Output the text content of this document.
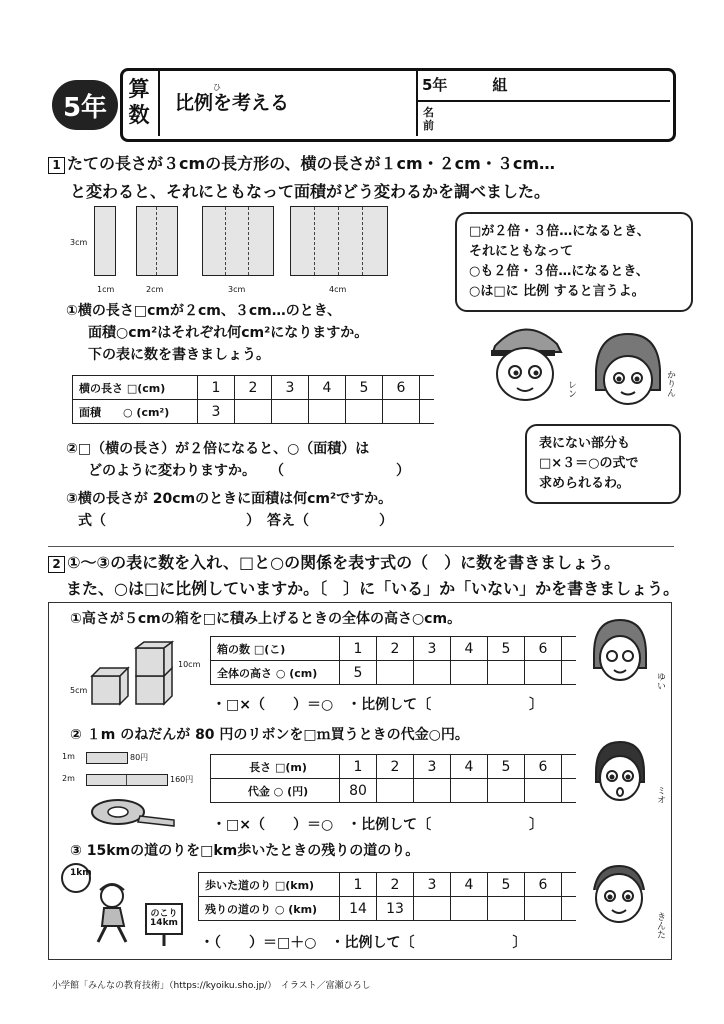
5年
算
数
ひ
比例を考える
5年　　　組
名前
1 たての長さが３cmの長方形の、横の長さが１cm・２cm・３cm…
と変わると、それにともなって面積がどう変わるかを調べました。
3cm
1cm	2cm	3cm	4cm
①横の長さ□cmが２cm、３cm…のとき、
面積○cm²はそれぞれ何cm²になりますか。
下の表に数を書きましょう。
横の長さ □(cm)	1	2	3	4	5	6	
面積　　○ (cm²)	3						
②□（横の長さ）が２倍になると、○（面積）は
どのように変わりますか。　　（　　　　　　　　）
③横の長さが 20cmのときに面積は何cm²ですか。
式（　　　　　　　　　　）　答え（　　　　　）
□が２倍・３倍…になるとき、
それにともなって
○も２倍・３倍…になるとき、
○は□に 比例 すると言うよ。
レン	かりん
表にない部分も
□×３＝○の式で
求められるわ。
2 ①〜③の表に数を入れ、□と○の関係を表す式の（　）に数を書きましょう。
また、○は□に比例していますか。〔　〕に「いる」か「いない」かを書きましょう。
①高さが５cmの箱を□に積み上げるときの全体の高さ○cm。
10cm
5cm
箱の数 □(こ)	1	2	3	4	5	6	
全体の高さ ○ (cm)	5						
・□×（　　）＝○　・比例して〔　　　　　　　〕
ゆい
② １m のねだんが 80 円のリボンを□ｍ買うときの代金○円。
1m	80円
2m	160円
長さ □(m)	1	2	3	4	5	6	
代金 ○ (円)	80						
・□×（　　）＝○　・比例して〔　　　　　　　〕
ミオ
③ 15kmの道のりを□km歩いたときの残りの道のり。
1km
のこり
14km
歩いた道のり □(km)	1	2	3	4	5	6	
残りの道のり ○ (km)	14	13					
・（　　）＝□＋○　・比例して〔　　　　　　　〕
きんた
小学館「みんなの教育技術」（https://kyoiku.sho.jp/）　イラスト／富瀬ひろし
